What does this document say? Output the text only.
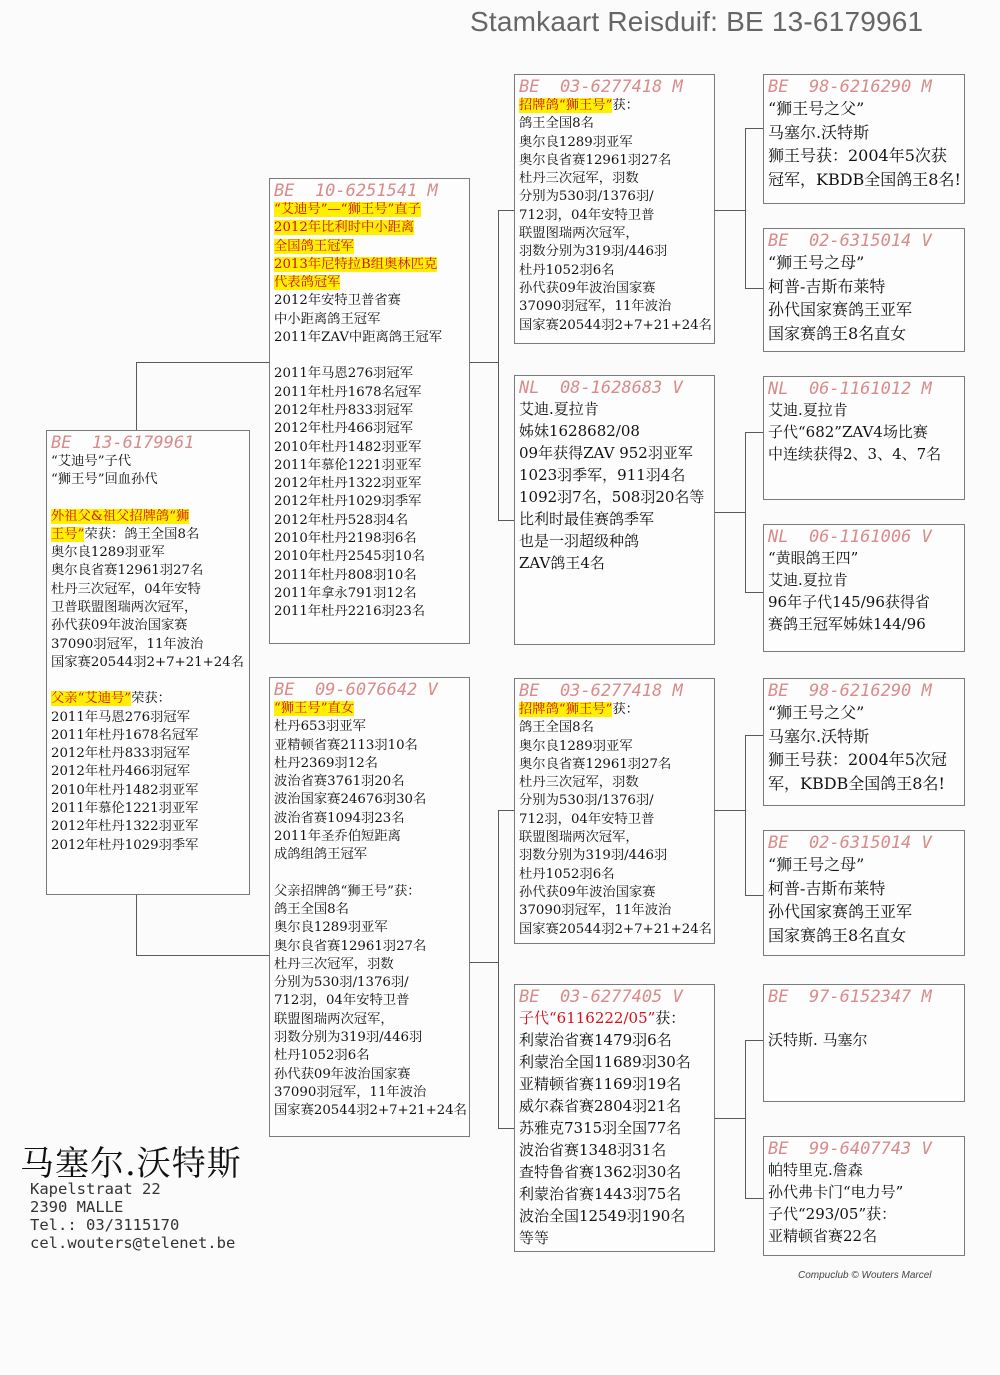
Stamkaart Reisduif: BE 13-6179961
BE  13-6179961
“艾迪号”子代
“狮王号”回血孙代
外祖父&祖父招牌鸽“狮
王号”荣获：鸽王全国8名
奥尔良1289羽亚军
奥尔良省赛12961羽27名
杜丹三次冠军，04年安特
卫普联盟图瑞两次冠军，
孙代获09年波治国家赛
37090羽冠军，11年波治
国家赛20544羽2+7+21+24名
父亲“艾迪号”荣获：
2011年马恩276羽冠军
2011年杜丹1678名冠军
2012年杜丹833羽冠军
2012年杜丹466羽冠军
2010年杜丹1482羽亚军
2011年慕伦1221羽亚军
2012年杜丹1322羽亚军
2012年杜丹1029羽季军
BE  10-6251541 M
“艾迪号”—“狮王号”直子
2012年比利时中小距离
全国鸽王冠军
2013年尼特拉B组奥林匹克
代表鸽冠军
2012年安特卫普省赛
中小距离鸽王冠军
2011年ZAV中距离鸽王冠军
2011年马恩276羽冠军
2011年杜丹1678名冠军
2012年杜丹833羽冠军
2012年杜丹466羽冠军
2010年杜丹1482羽亚军
2011年慕伦1221羽亚军
2012年杜丹1322羽亚军
2012年杜丹1029羽季军
2012年杜丹528羽4名
2010年杜丹2198羽6名
2010年杜丹2545羽10名
2011年杜丹808羽10名
2011年拿永791羽12名
2011年杜丹2216羽23名
BE  09-6076642 V
“狮王号”直女
杜丹653羽亚军
亚精顿省赛2113羽10名
杜丹2369羽12名
波治省赛3761羽20名
波治国家赛24676羽30名
波治省赛1094羽23名
2011年圣乔伯短距离
成鸽组鸽王冠军
父亲招牌鸽“狮王号”获：
鸽王全国8名
奥尔良1289羽亚军
奥尔良省赛12961羽27名
杜丹三次冠军，羽数
分别为530羽/1376羽/
712羽，04年安特卫普
联盟图瑞两次冠军，
羽数分别为319羽/446羽
杜丹1052羽6名
孙代获09年波治国家赛
37090羽冠军，11年波治
国家赛20544羽2+7+21+24名
BE  03-6277418 M
招牌鸽“狮王号”获：
鸽王全国8名
奥尔良1289羽亚军
奥尔良省赛12961羽27名
杜丹三次冠军，羽数
分别为530羽/1376羽/
712羽，04年安特卫普
联盟图瑞两次冠军，
羽数分别为319羽/446羽
杜丹1052羽6名
孙代获09年波治国家赛
37090羽冠军，11年波治
国家赛20544羽2+7+21+24名
NL  08-1628683 V
艾迪.夏拉肯
姊妹1628682/08
09年获得ZAV 952羽亚军
1023羽季军，911羽4名
1092羽7名，508羽20名等
比利时最佳赛鸽季军
也是一羽超级种鸽
ZAV鸽王4名
BE  03-6277418 M
招牌鸽“狮王号”获：
鸽王全国8名
奥尔良1289羽亚军
奥尔良省赛12961羽27名
杜丹三次冠军，羽数
分别为530羽/1376羽/
712羽，04年安特卫普
联盟图瑞两次冠军，
羽数分别为319羽/446羽
杜丹1052羽6名
孙代获09年波治国家赛
37090羽冠军，11年波治
国家赛20544羽2+7+21+24名
BE  03-6277405 V
子代“6116222/05”获：
利蒙治省赛1479羽6名
利蒙治全国11689羽30名
亚精顿省赛1169羽19名
威尔森省赛2804羽21名
苏雅克7315羽全国77名
波治省赛1348羽31名
查特鲁省赛1362羽30名
利蒙治省赛1443羽75名
波治全国12549羽190名
等等
BE  98-6216290 M
“狮王号之父”
马塞尔.沃特斯
狮王号获：2004年5次获
冠军，KBDB全国鸽王8名!
BE  02-6315014 V
“狮王号之母”
柯普-吉斯布莱特
孙代国家赛鸽王亚军
国家赛鸽王8名直女
NL  06-1161012 M
艾迪.夏拉肯
子代“682”ZAV4场比赛
中连续获得2、3、4、7名
NL  06-1161006 V
“黄眼鸽王四”
艾迪.夏拉肯
96年子代145/96获得省
赛鸽王冠军姊妹144/96
BE  98-6216290 M
“狮王号之父”
马塞尔.沃特斯
狮王号获：2004年5次冠
军，KBDB全国鸽王8名!
BE  02-6315014 V
“狮王号之母”
柯普-吉斯布莱特
孙代国家赛鸽王亚军
国家赛鸽王8名直女
BE  97-6152347 M
沃特斯. 马塞尔
BE  99-6407743 V
帕特里克.詹森
孙代弗卡门“电力号”
子代“293/05”获：
亚精顿省赛22名
马塞尔.沃特斯
Kapelstraat 22
2390 MALLE
Tel.: 03/3115170
cel.wouters@telenet.be
Compuclub © Wouters Marcel
